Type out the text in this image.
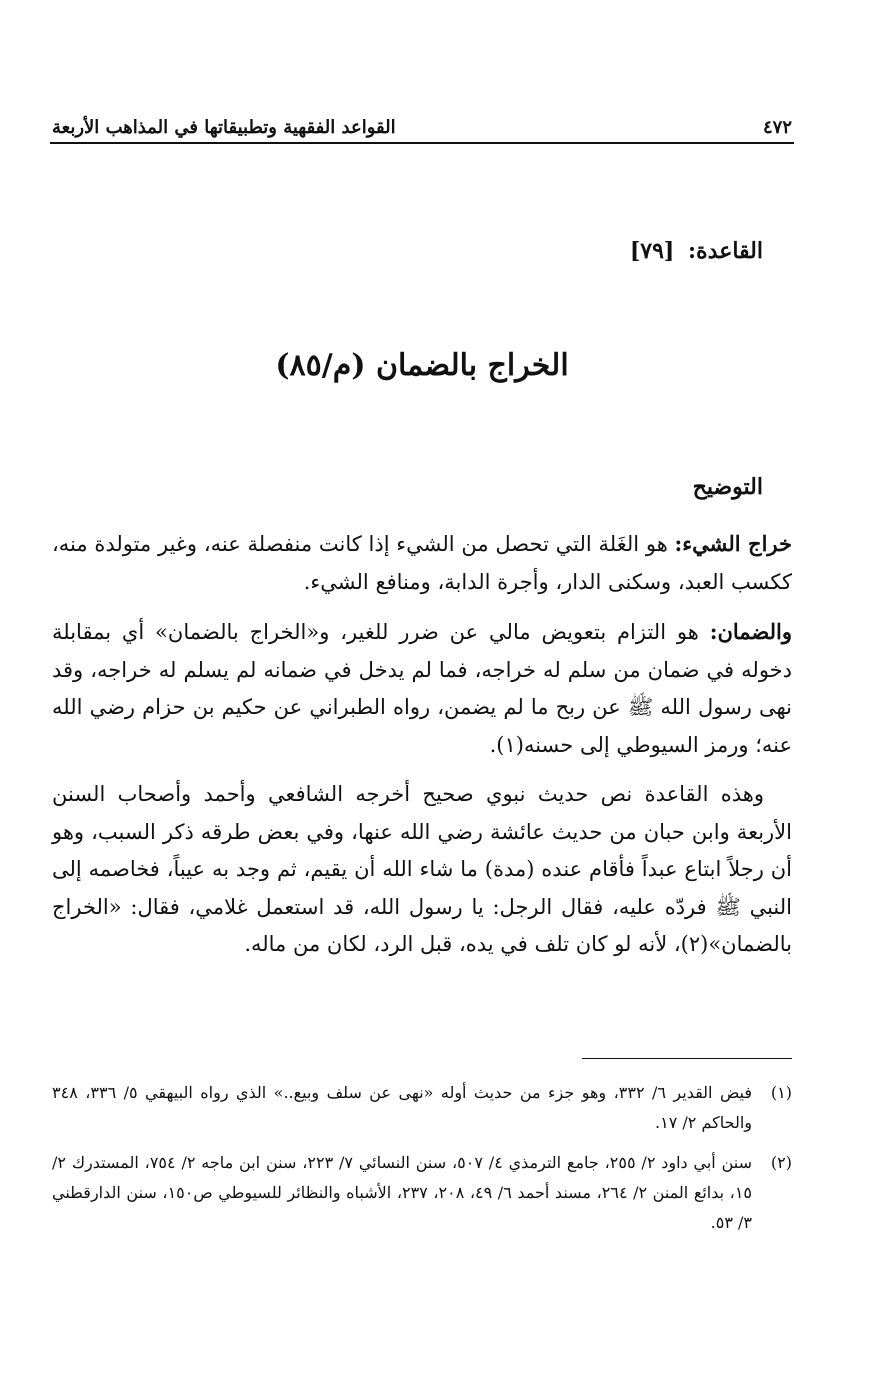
٤٧٢
القواعد الفقهية وتطبيقاتها في المذاهب الأربعة
القاعدة: [٧٩]
الخراج بالضمان (م/٨٥)
التوضيح

خراج الشيء: هو الغَلة التي تحصل من الشيء إذا كانت منفصلة عنه، وغير متولدة منه، ككسب العبد، وسكنى الدار، وأجرة الدابة، ومنافع الشيء.

والضمان: هو التزام بتعويض مالي عن ضرر للغير، و«الخراج بالضمان» أي بمقابلة دخوله في ضمان من سلم له خراجه، فما لم يدخل في ضمانه لم يسلم له خراجه، وقد نهى رسول الله ﷺ عن ربح ما لم يضمن، رواه الطبراني عن حكيم بن حزام رضي الله عنه؛ ورمز السيوطي إلى حسنه(١).

وهذه القاعدة نص حديث نبوي صحيح أخرجه الشافعي وأحمد وأصحاب السنن الأربعة وابن حبان من حديث عائشة رضي الله عنها، وفي بعض طرقه ذكر السبب، وهو أن رجلاً ابتاع عبداً فأقام عنده (مدة) ما شاء الله أن يقيم، ثم وجد به عيباً، فخاصمه إلى النبي ﷺ فردّه عليه، فقال الرجل: يا رسول الله، قد استعمل غلامي، فقال: «الخراج بالضمان»(٢)، لأنه لو كان تلف في يده، قبل الرد، لكان من ماله.

(١)
فيض القدير ٦/ ٣٣٢، وهو جزء من حديث أوله «نهى عن سلف وبيع..» الذي رواه البيهقي ٥/ ٣٣٦، ٣٤٨ والحاكم ٢/ ١٧.
(٢)
سنن أبي داود ٢/ ٢٥٥، جامع الترمذي ٤/ ٥٠٧، سنن النسائي ٧/ ٢٢٣، سنن ابن ماجه ٢/ ٧٥٤، المستدرك ٢/ ١٥، بدائع المنن ٢/ ٢٦٤، مسند أحمد ٦/ ٤٩، ٢٠٨، ٢٣٧، الأشباه والنظائر للسيوطي ص١٥٠، سنن الدارقطني ٣/ ٥٣.
